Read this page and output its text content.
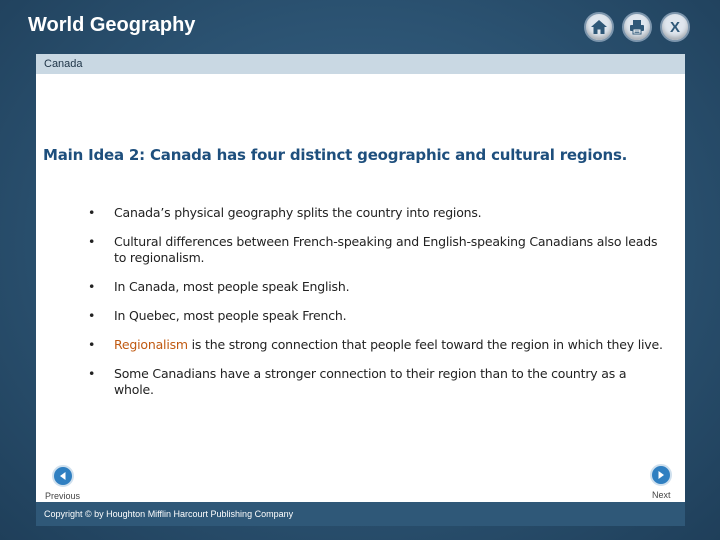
World Geography	X
Canada
Main Idea 2: Canada has four distinct geographic and cultural regions.
• Canada’s physical geography splits the country into regions.
• Cultural differences between French-speaking and English-speaking Canadians also leads to regionalism.
• In Canada, most people speak English.
• In Quebec, most people speak French.
• Regionalism is the strong connection that people feel toward the region in which they live.
• Some Canadians have a stronger connection to their region than to the country as a whole.
Previous	Next
Copyright © by Houghton Mifflin Harcourt Publishing Company
